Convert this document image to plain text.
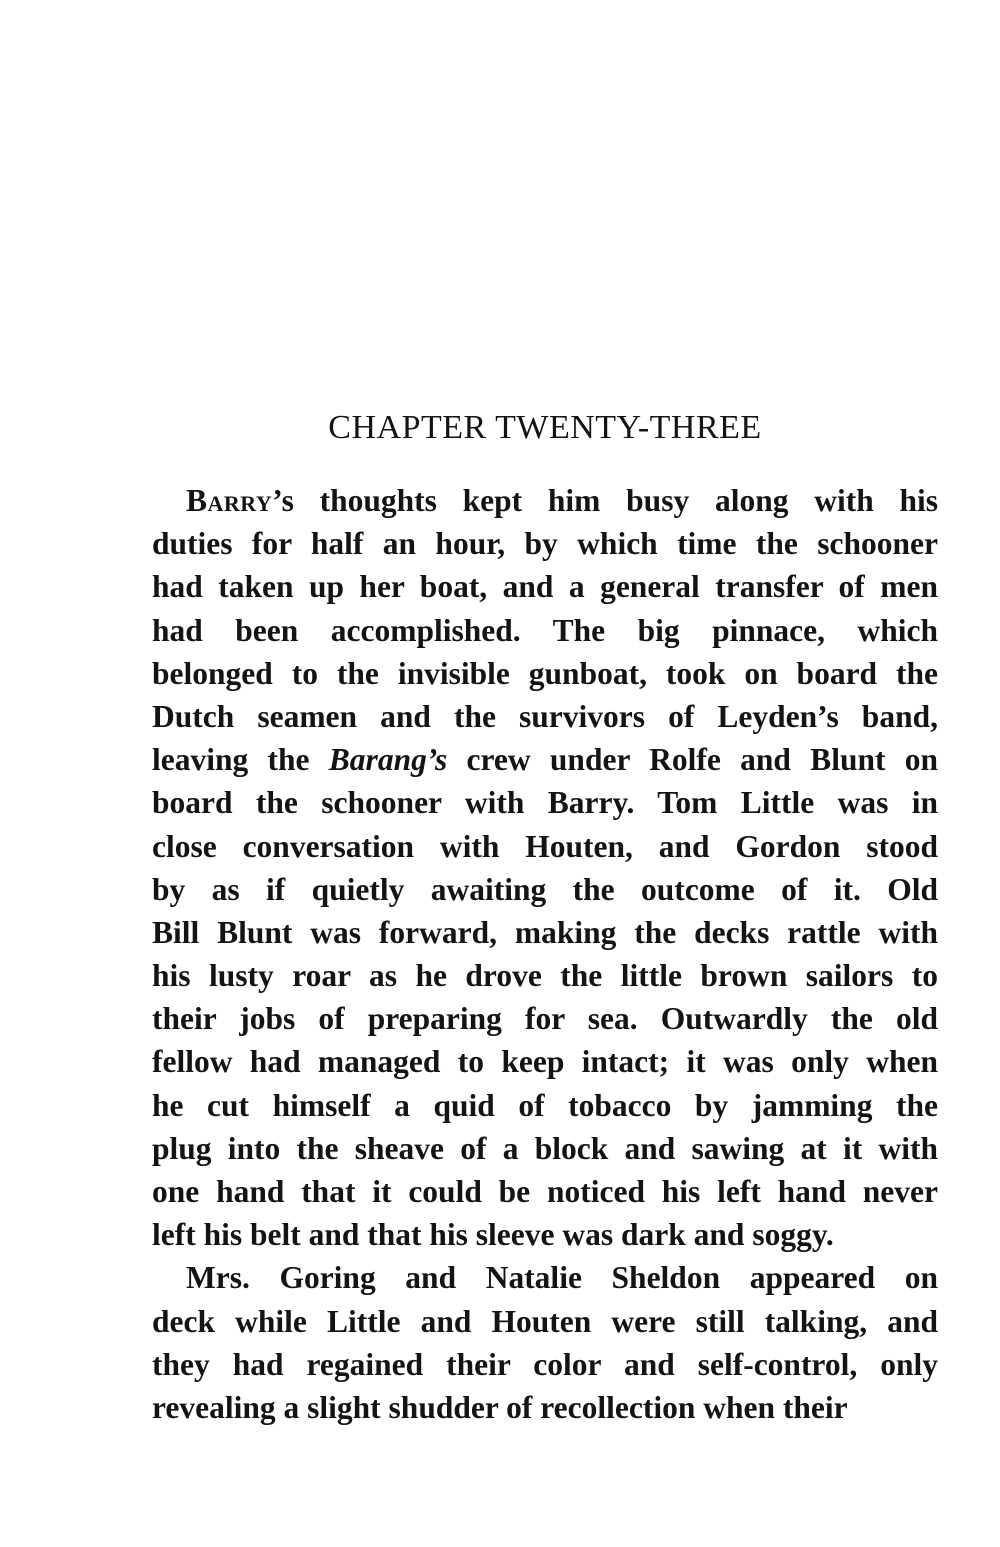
CHAPTER TWENTY-THREE
Barry’s thoughts kept him busy along with his
duties for half an hour, by which time the schooner
had taken up her boat, and a general transfer of men
had been accomplished. The big pinnace, which
belonged to the invisible gunboat, took on board the
Dutch seamen and the survivors of Leyden’s band,
leaving the Barang’s crew under Rolfe and Blunt on
board the schooner with Barry. Tom Little was in
close conversation with Houten, and Gordon stood
by as if quietly awaiting the outcome of it. Old
Bill Blunt was forward, making the decks rattle with
his lusty roar as he drove the little brown sailors to
their jobs of preparing for sea. Outwardly the old
fellow had managed to keep intact; it was only when
he cut himself a quid of tobacco by jamming the
plug into the sheave of a block and sawing at it with
one hand that it could be noticed his left hand never
left his belt and that his sleeve was dark and soggy.
Mrs. Goring and Natalie Sheldon appeared on
deck while Little and Houten were still talking, and
they had regained their color and self-control, only
revealing a slight shudder of recollection when their
